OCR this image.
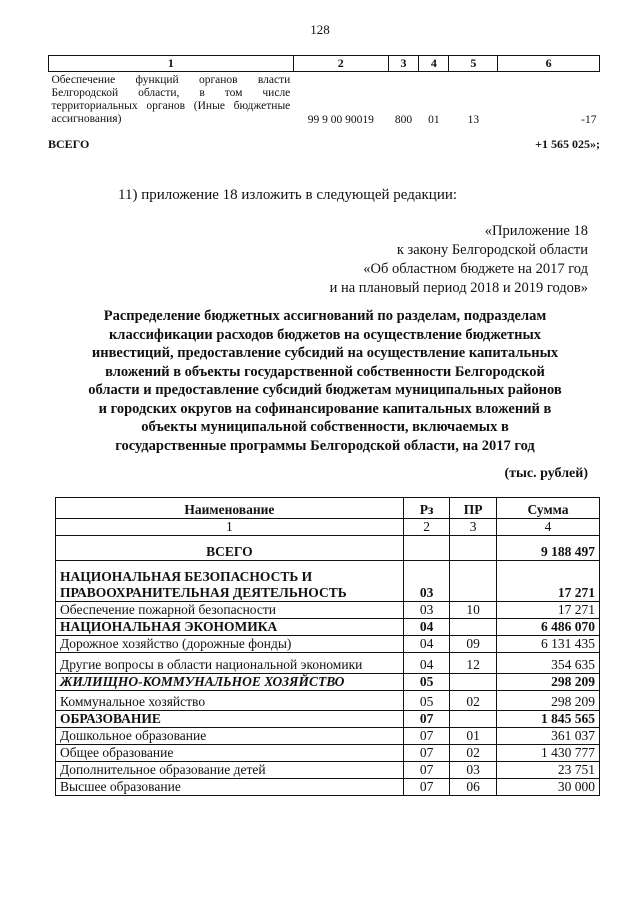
128
1	2	3	4	5	6
Обеспечение функций органов власти Белгородской области, в том числе территориальных органов (Иные бюджетные ассигнования)	99 9 00 90019	800	01	13	-17
ВСЕГО	+1 565 025»;
11) приложение 18 изложить в следующей редакции:
«Приложение 18
к закону Белгородской области
«Об областном бюджете на 2017 год
и на плановый период 2018 и 2019 годов»
Распределение бюджетных ассигнований по разделам, подразделам
классификации расходов бюджетов на осуществление бюджетных
инвестиций, предоставление субсидий на осуществление капитальных
вложений в объекты государственной собственности Белгородской
области и предоставление субсидий бюджетам муниципальных районов
и городских округов на софинансирование капитальных вложений в
объекты муниципальной собственности, включаемых в
государственные программы Белгородской области, на 2017 год
(тыс. рублей)
Наименование	Рз	ПР	Сумма
1	2	3	4
ВСЕГО			9 188 497
НАЦИОНАЛЬНАЯ БЕЗОПАСНОСТЬ И ПРАВООХРАНИТЕЛЬНАЯ ДЕЯТЕЛЬНОСТЬ	03		17 271
Обеспечение пожарной безопасности	03	10	17 271
НАЦИОНАЛЬНАЯ ЭКОНОМИКА	04		6 486 070
Дорожное хозяйство (дорожные фонды)	04	09	6 131 435
Другие вопросы в области национальной экономики	04	12	354 635
ЖИЛИЩНО-КОММУНАЛЬНОЕ ХОЗЯЙСТВО	05		298 209
Коммунальное хозяйство	05	02	298 209
ОБРАЗОВАНИЕ	07		1 845 565
Дошкольное образование	07	01	361 037
Общее образование	07	02	1 430 777
Дополнительное образование детей	07	03	23 751
Высшее образование	07	06	30 000
